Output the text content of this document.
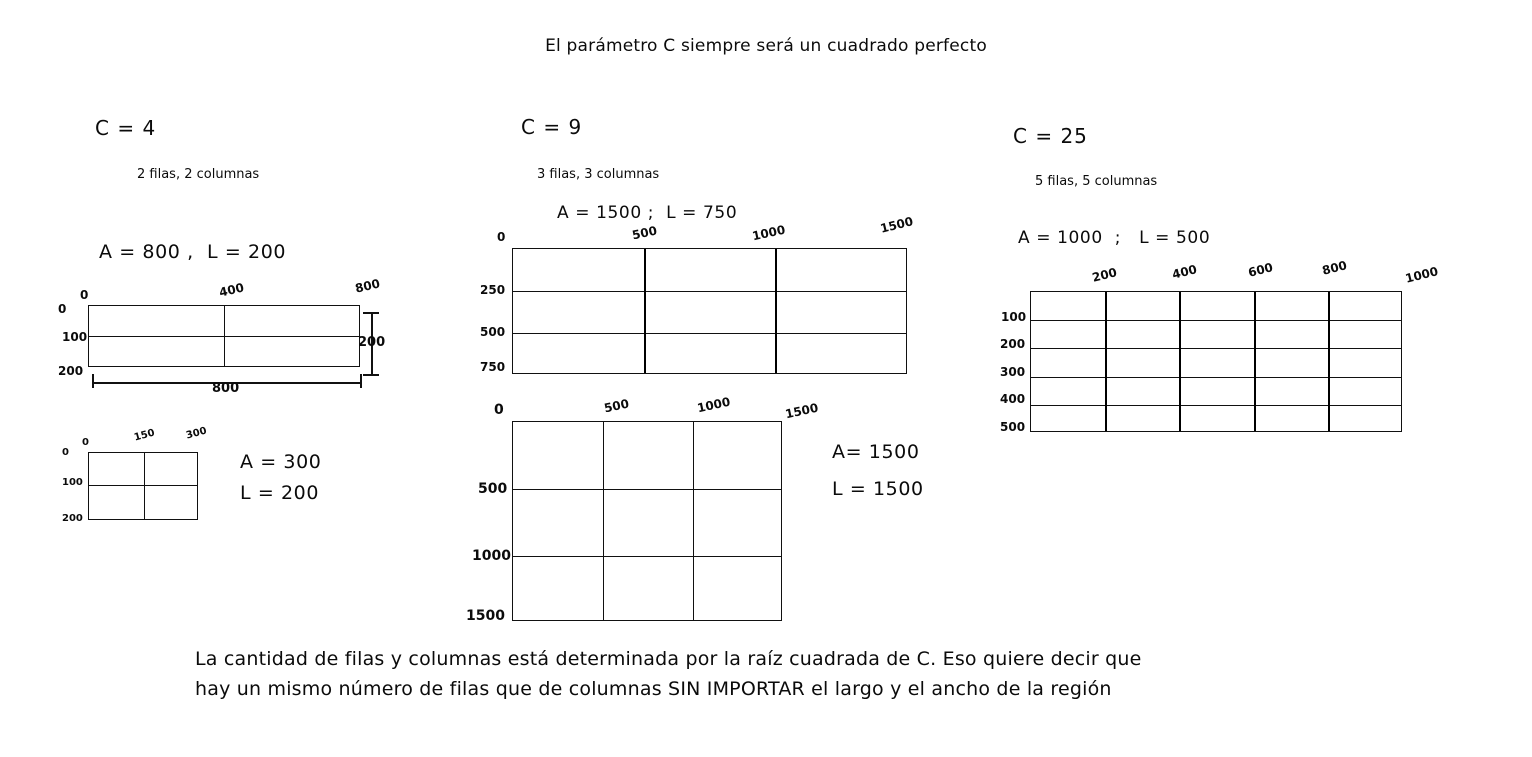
El parámetro C siempre será un cuadrado perfecto
C = 4
2 filas, 2 columnas
A = 800 ,  L = 200
0	400	800
0
100
200
800
200
0	150	300
0
100
200
A = 300
L = 200
C = 9
3 filas, 3 columnas
A = 1500 ;  L = 750
0	500	1000	1500
250
500
750
0	500	1000	1500
500
1000
1500
A= 1500
L = 1500
C = 25
5 filas, 5 columnas
A = 1000  ;   L = 500
200	400	600	800	1000
100
200
300
400
500
La cantidad de filas y columnas está determinada por la raíz cuadrada de C. Eso quiere decir que
hay un mismo número de filas que de columnas SIN IMPORTAR el largo y el ancho de la región
